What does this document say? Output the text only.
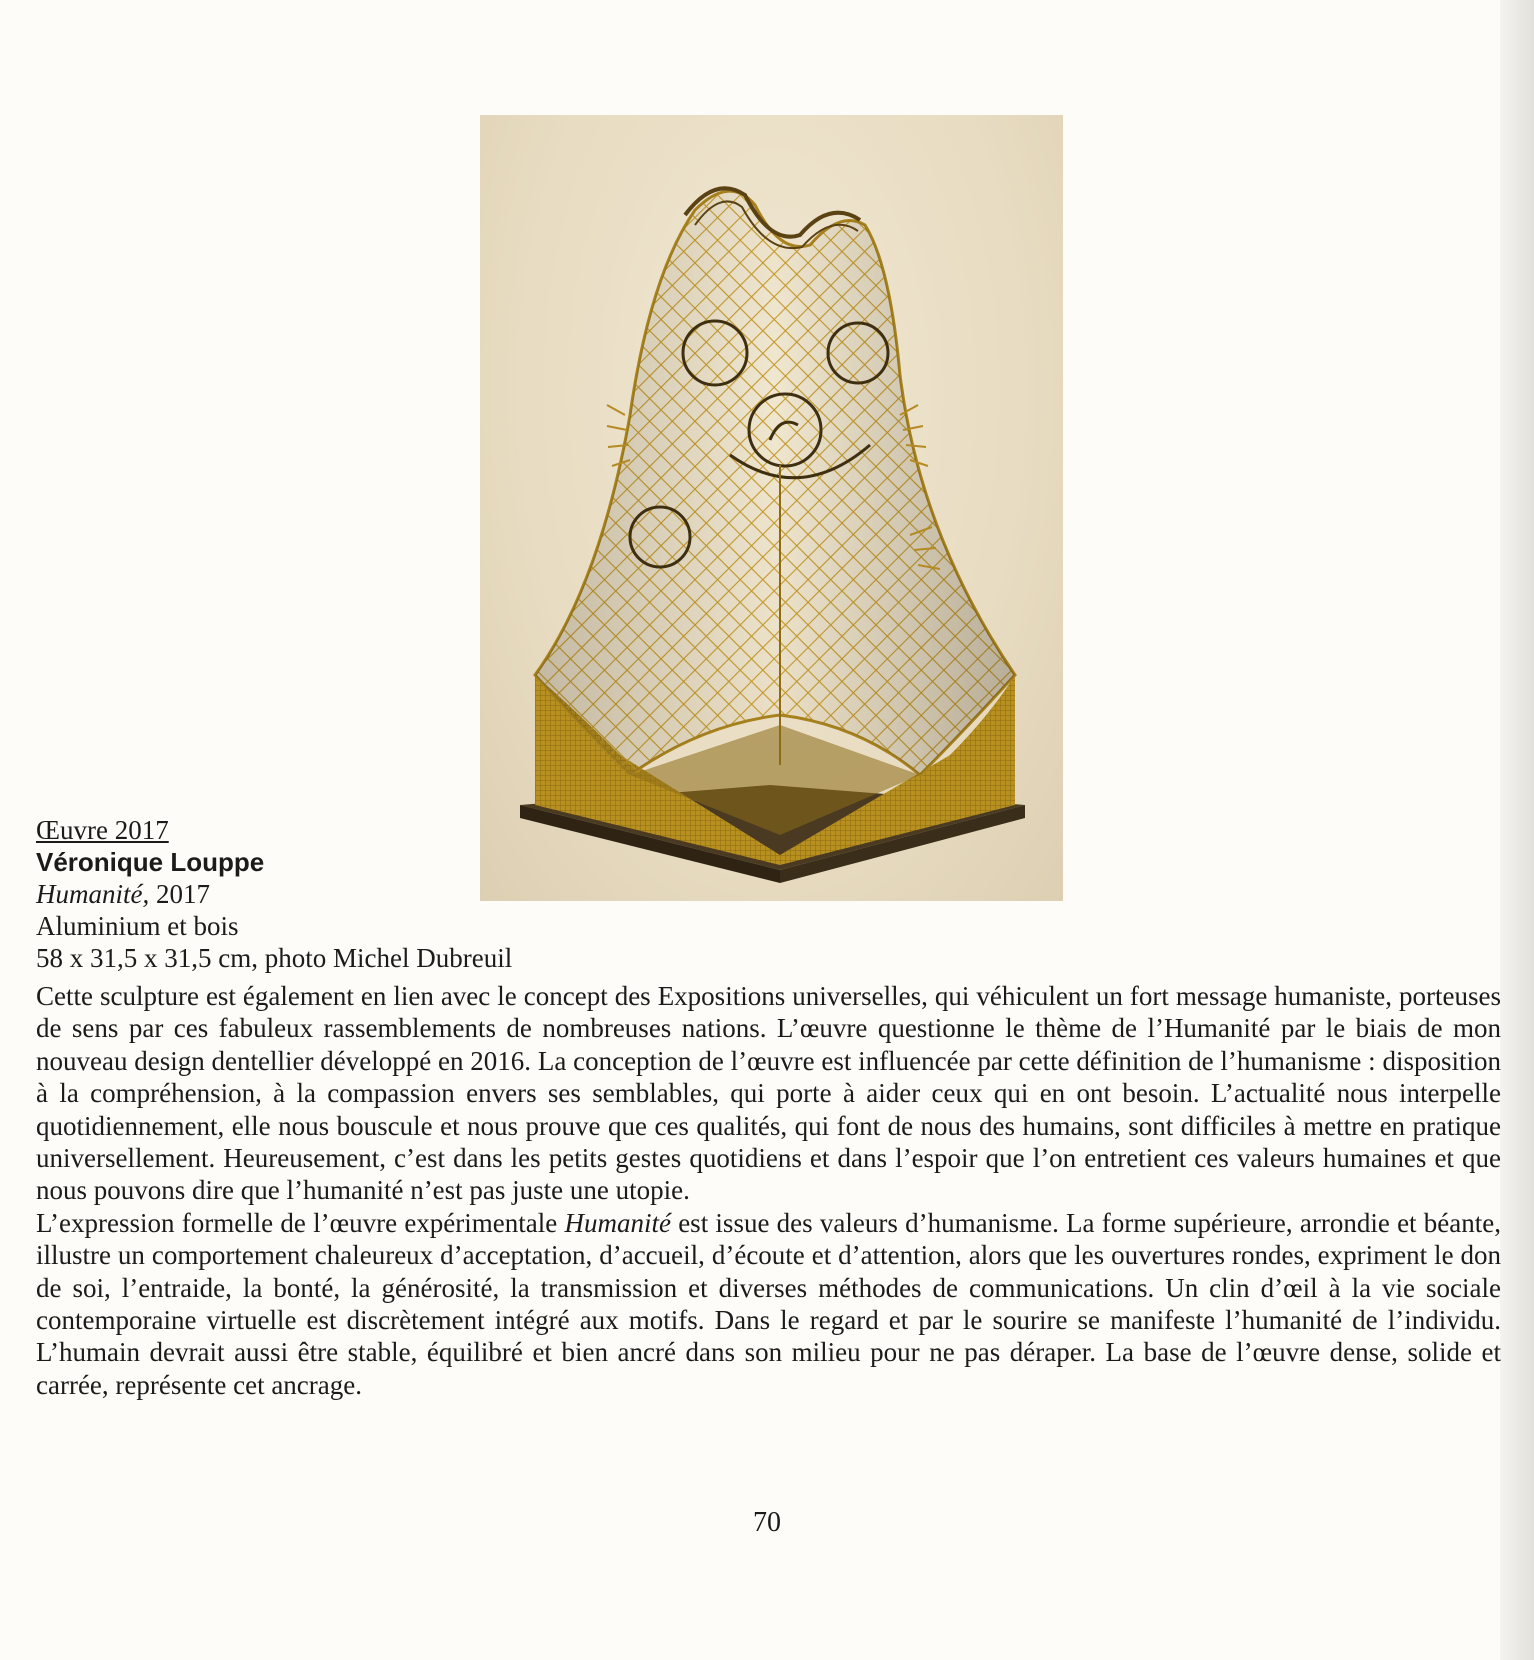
Œuvre 2017
Véronique Louppe
Humanité, 2017
Aluminium et bois
58 x 31,5 x 31,5 cm, photo Michel Dubreuil

Cette sculpture est également en lien avec le concept des Expositions universelles, qui véhiculent un fort message humaniste, porteuses de sens par ces fabuleux rassemblements de nombreuses nations. L’œuvre questionne le thème de l’Humanité par le biais de mon nouveau design dentellier développé en 2016. La conception de l’œuvre est influencée par cette définition de l’humanisme : disposition à la compréhension, à la compassion envers ses semblables, qui porte à aider ceux qui en ont besoin. L’actualité nous interpelle quotidiennement, elle nous bouscule et nous prouve que ces qualités, qui font de nous des humains, sont difficiles à mettre en pratique universellement. Heureusement, c’est dans les petits gestes quotidiens et dans l’espoir que l’on entretient ces valeurs humaines et que nous pouvons dire que l’humanité n’est pas juste une utopie.

L’expression formelle de l’œuvre expérimentale Humanité est issue des valeurs d’humanisme. La forme supérieure, arrondie et béante, illustre un comportement chaleureux d’acceptation, d’accueil, d’écoute et d’attention, alors que les ouvertures rondes, expriment le don de soi, l’entraide, la bonté, la générosité, la transmission et diverses méthodes de communications. Un clin d’œil à la vie sociale contemporaine virtuelle est discrètement intégré aux motifs. Dans le regard et par le sourire se manifeste l’humanité de l’individu. L’humain devrait aussi être stable, équilibré et bien ancré dans son milieu pour ne pas déraper. La base de l’œuvre dense, solide et carrée, représente cet ancrage.

70
